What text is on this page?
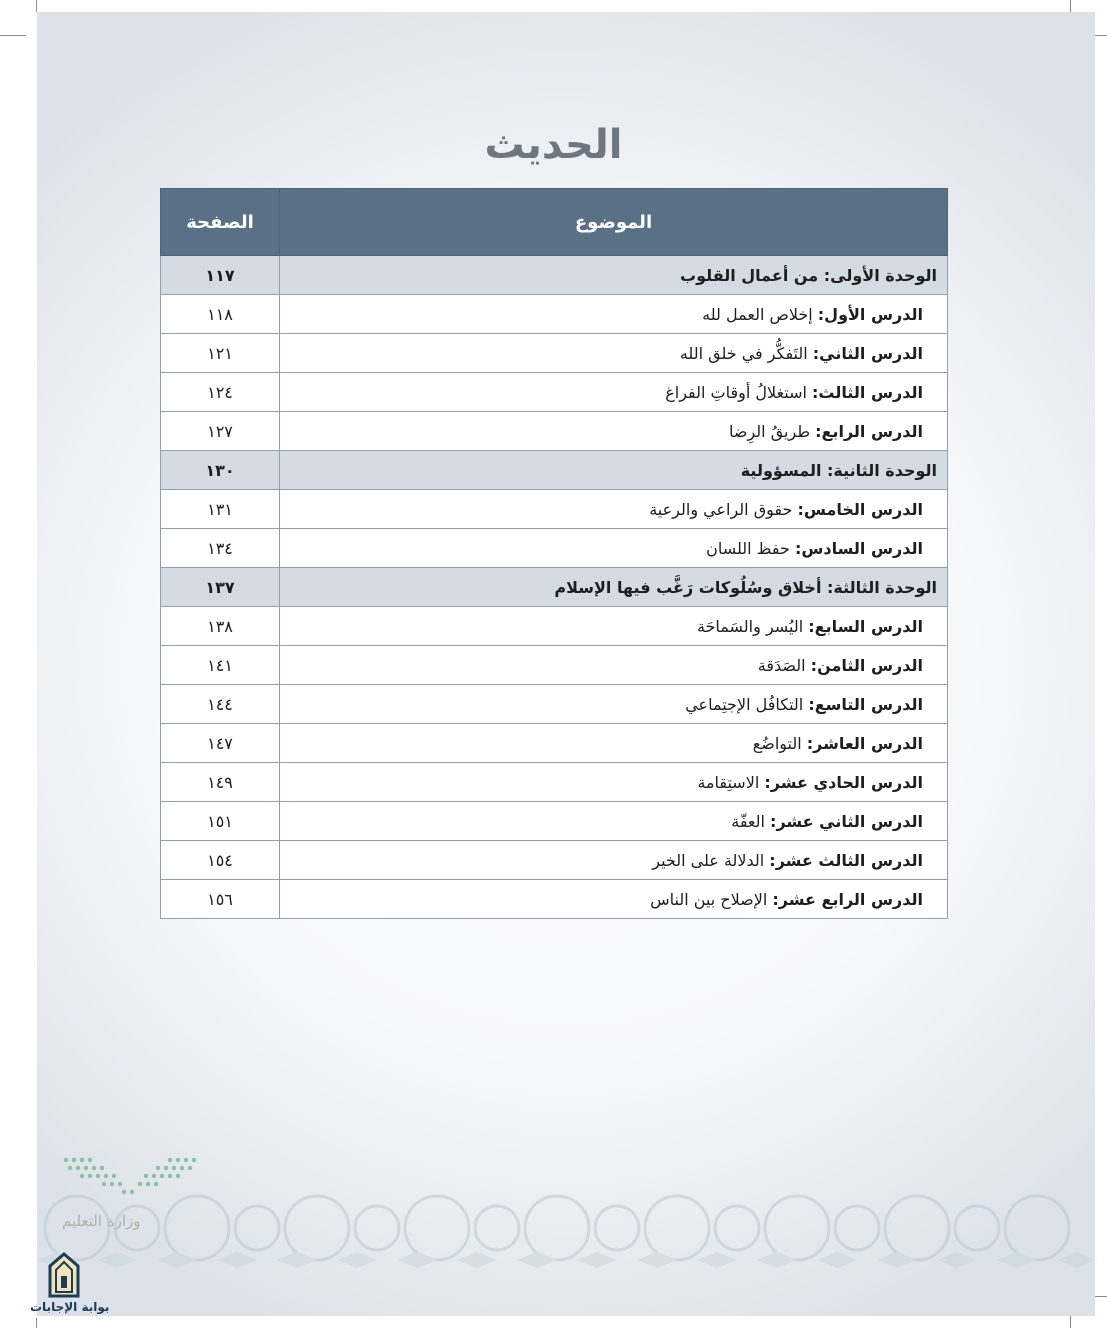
الحديث
الموضوع	الصفحة
الوحدة الأولى: من أعمال القلوب	١١٧
الدرس الأول: إخلاص العمل لله	١١٨
الدرس الثاني: التَفكُّر في خلق الله	١٢١
الدرس الثالث: استغلالُ أوقاتِ الفراغ	١٢٤
الدرس الرابع: طريقُ الرِضا	١٢٧
الوحدة الثانية: المسؤولية	١٣٠
الدرس الخامس: حقوق الراعي والرعية	١٣١
الدرس السادس: حفظ اللسان	١٣٤
الوحدة الثالثة: أخلاق وسُلُوكات رَغَّب فيها الإسلام	١٣٧
الدرس السابع: اليُسر والسَماحَة	١٣٨
الدرس الثامن: الصَدَقة	١٤١
الدرس التاسع: التكافُل الإجتِماعي	١٤٤
الدرس العاشر: التواضُع	١٤٧
الدرس الحادي عشر: الاستِقامة	١٤٩
الدرس الثاني عشر: العفّة	١٥١
الدرس الثالث عشر: الدلالة على الخير	١٥٤
الدرس الرابع عشر: الإصلاح بين الناس	١٥٦
وزارة التعليم
بوابة الإجابات
